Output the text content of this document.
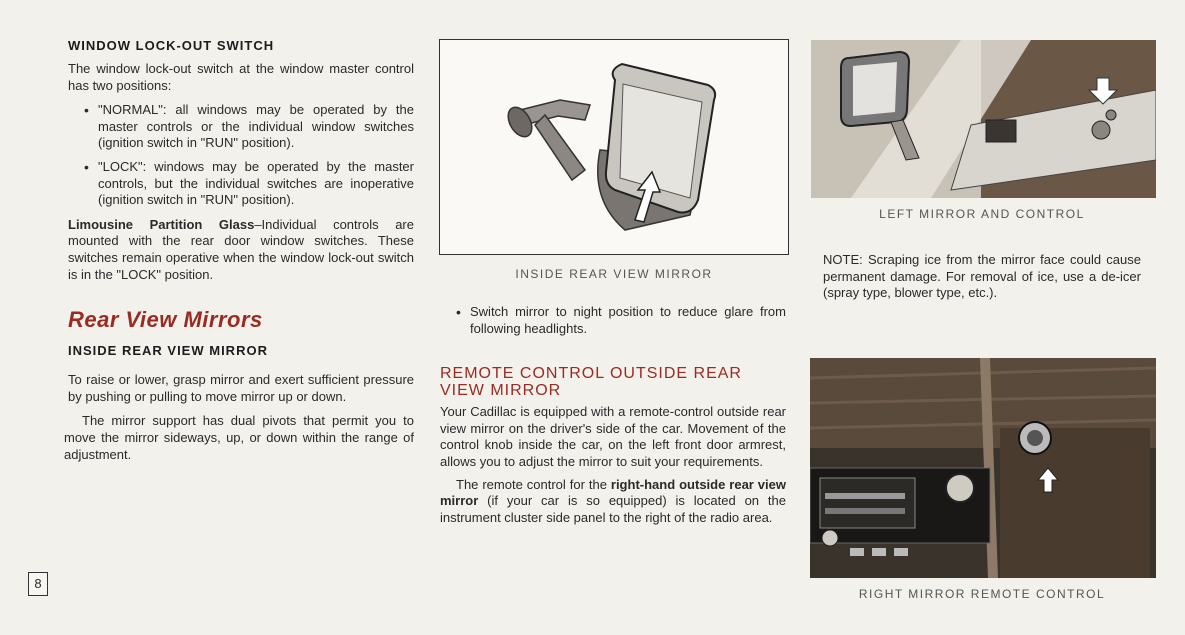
WINDOW LOCK-OUT SWITCH

The window lock-out switch at the window master control has two positions:

• "NORMAL": all windows may be operated by the master controls or the individual window switches (ignition switch in "RUN" position).
• "LOCK": windows may be operated by the master controls, but the individual switches are inoperative (ignition switch in "RUN" position).

Limousine Partition Glass–Individual controls are mounted with the rear door window switches. These switches remain operative when the window lock-out switch is in the "LOCK" position.

Rear View Mirrors
INSIDE REAR VIEW MIRROR

To raise or lower, grasp mirror and exert sufficient pressure by pushing or pulling to move mirror up or down.

The mirror support has dual pivots that permit you to move the mirror sideways, up, or down within the range of adjustment.

8

INSIDE REAR VIEW MIRROR

• Switch mirror to night position to reduce glare from following headlights.
REMOTE CONTROL OUTSIDE REAR VIEW MIRROR

Your Cadillac is equipped with a remote-control outside rear view mirror on the driver's side of the car. Movement of the control knob inside the car, on the left front door armrest, allows you to adjust the mirror to suit your requirements.

The remote control for the right-hand outside rear view mirror (if your car is so equipped) is located on the instrument cluster side panel to the right of the radio area.

LEFT MIRROR AND CONTROL

NOTE: Scraping ice from the mirror face could cause permanent damage. For removal of ice, use a de-icer (spray type, blower type, etc.).

RIGHT MIRROR REMOTE CONTROL
